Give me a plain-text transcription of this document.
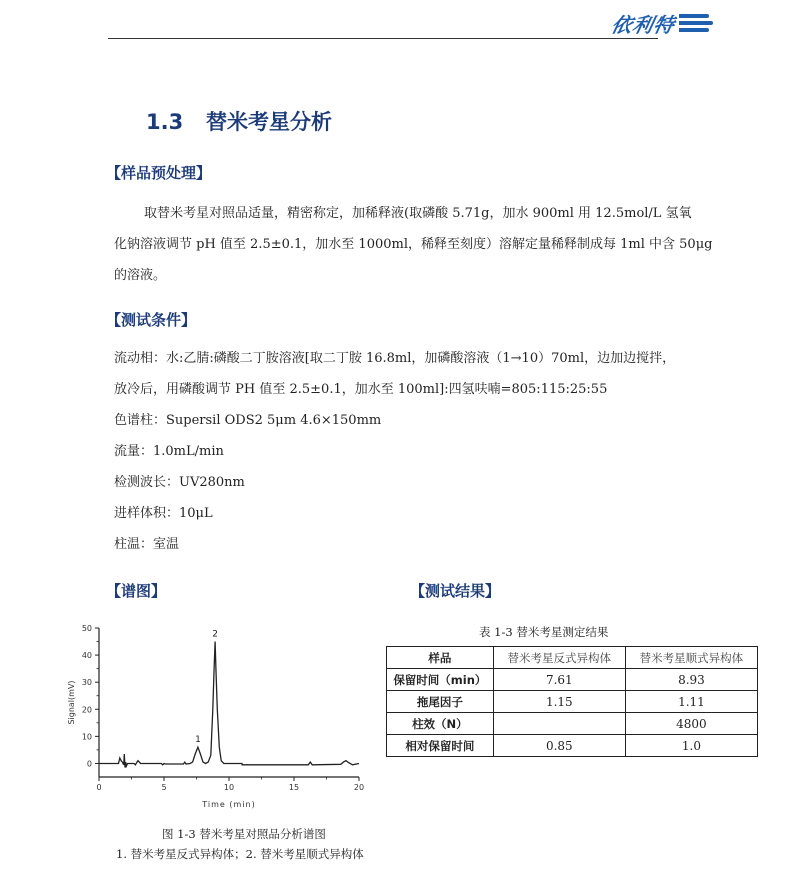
依利特
1.3 替米考星分析
【样品预处理】
取替米考星对照品适量，精密称定，加稀释液(取磷酸 5.71g，加水 900ml 用 12.5mol/L 氢氧
化钠溶液调节 pH 值至 2.5±0.1，加水至 1000ml，稀释至刻度）溶解定量稀释制成每 1ml 中含 50μg
的溶液。
【测试条件】
流动相：水:乙腈:磷酸二丁胺溶液[取二丁胺 16.8ml，加磷酸溶液（1→10）70ml，边加边搅拌，
放冷后，用磷酸调节 PH 值至 2.5±0.1，加水至 100ml]:四氢呋喃=805:115:25:55
色谱柱：Supersil ODS2 5μm 4.6×150mm
流量：1.0mL/min
检测波长：UV280nm
进样体积：10μL
柱温：室温
【谱图】
0	5	10	15	20
0
10
20
30
40
50
1
2
Signal(mV)
Time (min)
图 1-3 替米考星对照品分析谱图
1. 替米考星反式异构体；2. 替米考星顺式异构体
【测试结果】
表 1-3 替米考星测定结果
样品	替米考星反式异构体	替米考星顺式异构体
保留时间（min）	7.61	8.93
拖尾因子	1.15	1.11
柱效（N）		4800
相对保留时间	0.85	1.0
